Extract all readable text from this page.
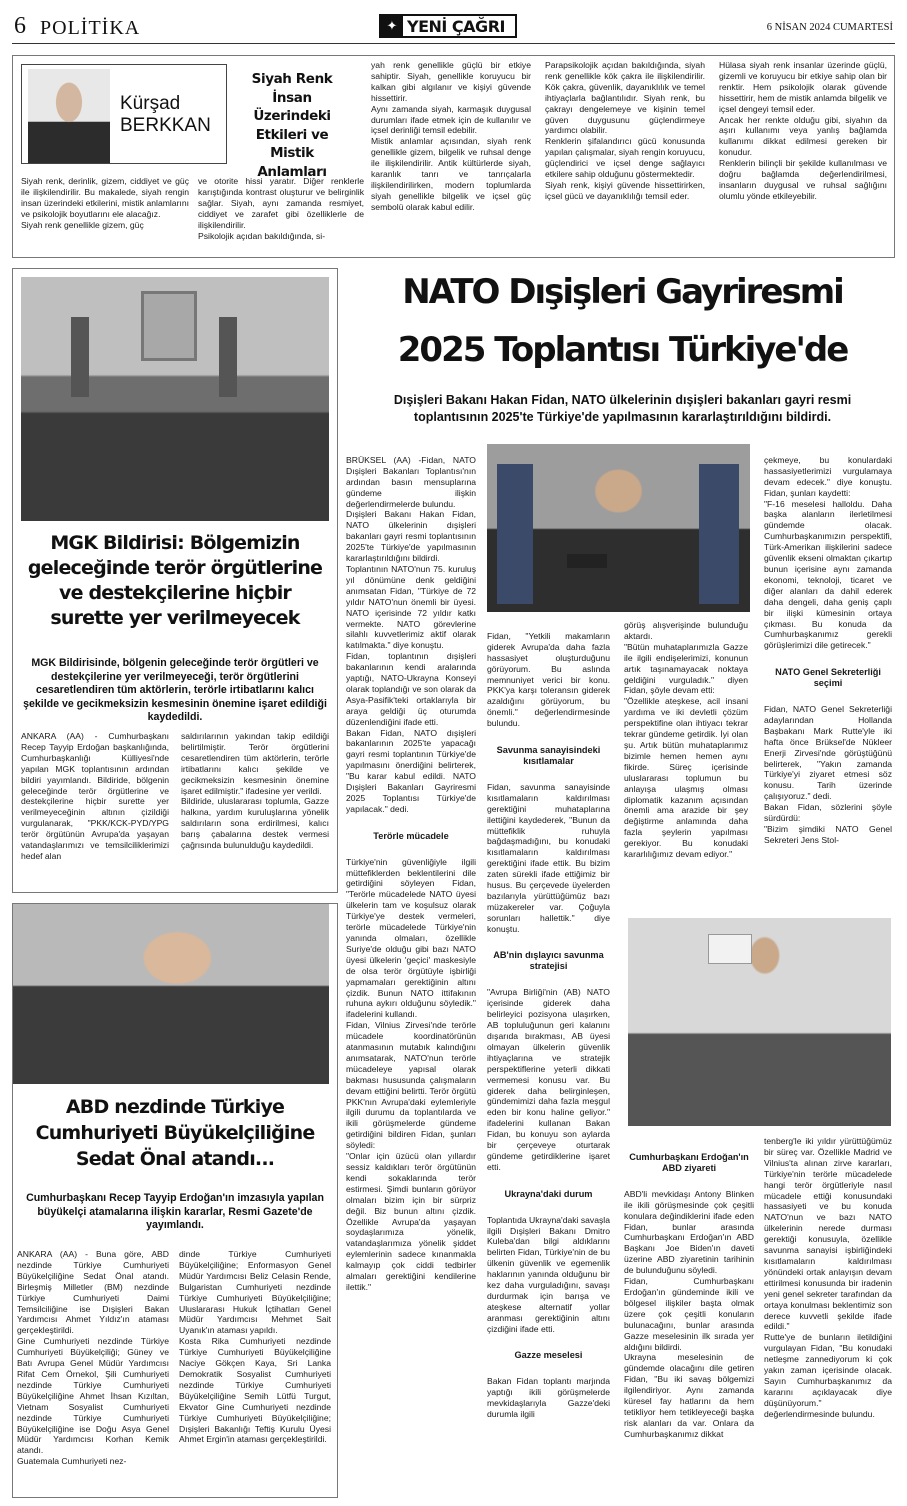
6 POLİTİKA	✦ YENİ ÇAĞRI	6 NİSAN 2024 CUMARTESİ
Kürşad
BERKKAN
Siyah Renk İnsan Üzerindeki Etkileri ve Mistik Anlamları
Siyah renk, derinlik, gizem, ciddiyet ve güç ile ilişkilendirilir. Bu makalede, siyah rengin insan üzerindeki etkilerini, mistik anlamlarını ve psikolojik boyutlarını ele alacağız.
Siyah renk genellikle gizem, güç
ve otorite hissi yaratır. Diğer renklerle karıştığında kontrast oluşturur ve belirginlik sağlar. Siyah, aynı zamanda resmiyet, ciddiyet ve zarafet gibi özelliklerle de ilişkilendirilir.
Psikolojik açıdan bakıldığında, si-
yah renk genellikle güçlü bir etkiye sahiptir. Siyah, genellikle koruyucu bir kalkan gibi algılanır ve kişiyi güvende hissettirir.
Aynı zamanda siyah, karmaşık duygusal durumları ifade etmek için de kullanılır ve içsel derinliği temsil edebilir.
Mistik anlamlar açısından, siyah renk genellikle gizem, bilgelik ve ruhsal denge ile ilişkilendirilir. Antik kültürlerde siyah, karanlık tanrı ve tanrıçalarla ilişkilendirilirken, modern toplumlarda siyah genellikle bilgelik ve içsel güç sembolü olarak kabul edilir.
Parapsikolojik açıdan bakıldığında, siyah renk genellikle kök çakra ile ilişkilendirilir. Kök çakra, güvenlik, dayanıklılık ve temel ihtiyaçlarla bağlantılıdır. Siyah renk, bu çakrayı dengelemeye ve kişinin temel güven duygusunu güçlendirmeye yardımcı olabilir.
Renklerin şifalandırıcı gücü konusunda yapılan çalışmalar, siyah rengin koruyucu, güçlendirici ve içsel denge sağlayıcı etkilere sahip olduğunu göstermektedir.
Siyah renk, kişiyi güvende hissettirirken, içsel gücü ve dayanıklılığı temsil eder.
Hülasa siyah renk insanlar üzerinde güçlü, gizemli ve koruyucu bir etkiye sahip olan bir renktir. Hem psikolojik olarak güvende hissettirir, hem de mistik anlamda bilgelik ve içsel dengeyi temsil eder.
Ancak her renkte olduğu gibi, siyahın da aşırı kullanımı veya yanlış bağlamda kullanımı dikkat edilmesi gereken bir konudur.
Renklerin bilinçli bir şekilde kullanılması ve doğru bağlamda değerlendirilmesi, insanların duygusal ve ruhsal sağlığını olumlu yönde etkileyebilir.
MGK Bildirisi: Bölgemizin geleceğinde terör örgütlerine ve destekçilerine hiçbir surette yer verilmeyecek
MGK Bildirisinde, bölgenin geleceğinde terör örgütleri ve destekçilerine yer verilmeyeceği, terör örgütlerini cesaretlendiren tüm aktörlerin, terörle irtibatlarını kalıcı şekilde ve gecikmeksizin kesmesinin önemine işaret edildiği kaydedildi.
ANKARA (AA) - Cumhurbaşkanı Recep Tayyip Erdoğan başkanlığında, Cumhurbaşkanlığı Külliyesi'nde yapılan MGK toplantısının ardından bildiri yayımlandı. Bildiride, bölgenin geleceğinde terör örgütlerine ve destekçilerine hiçbir surette yer verilmeyeceğinin altının çizildiği vurgulanarak, "PKK/KCK-PYD/YPG terör örgütünün Avrupa'da yaşayan vatandaşlarımızı ve temsilciliklerimizi hedef alan
saldırılarının yakından takip edildiği belirtilmiştir. Terör örgütlerini cesaretlendiren tüm aktörlerin, terörle irtibatlarını kalıcı şekilde ve gecikmeksizin kesmesinin önemine işaret edilmiştir." ifadesine yer verildi.
Bildiride, uluslararası toplumla, Gazze halkına, yardım kuruluşlarına yönelik saldırıların sona erdirilmesi, kalıcı barış çabalarına destek vermesi çağrısında bulunulduğu kaydedildi.
ABD nezdinde Türkiye Cumhuriyeti Büyükelçiliğine Sedat Önal atandı...
Cumhurbaşkanı Recep Tayyip Erdoğan'ın imzasıyla yapılan büyükelçi atamalarına ilişkin kararlar, Resmi Gazete'de yayımlandı.
ANKARA (AA) - Buna göre, ABD nezdinde Türkiye Cumhuriyeti Büyükelçiliğine Sedat Önal atandı. Birleşmiş Milletler (BM) nezdinde Türkiye Cumhuriyeti Daimi Temsilciliğine ise Dışişleri Bakan Yardımcısı Ahmet Yıldız'ın ataması gerçekleştirildi.
Gine Cumhuriyeti nezdinde Türkiye Cumhuriyeti Büyükelçiliği; Güney ve Batı Avrupa Genel Müdür Yardımcısı Rifat Cem Örnekol, Şili Cumhuriyeti nezdinde Türkiye Cumhuriyeti Büyükelçiliğine Ahmet İhsan Kızıltan, Vietnam Sosyalist Cumhuriyeti nezdinde Türkiye Cumhuriyeti Büyükelçiliğine ise Doğu Asya Genel Müdür Yardımcısı Korhan Kemik atandı.
Guatemala Cumhuriyeti nez-
dinde Türkiye Cumhuriyeti Büyükelçiliğine; Enformasyon Genel Müdür Yardımcısı Beliz Celasin Rende, Bulgaristan Cumhuriyeti nezdinde Türkiye Cumhuriyeti Büyükelçiliğine; Uluslararası Hukuk İçtihatları Genel Müdür Yardımcısı Mehmet Sait Uyanık'ın ataması yapıldı.
Kosta Rika Cumhuriyeti nezdinde Türkiye Cumhuriyeti Büyükelçiliğine Naciye Gökçen Kaya, Sri Lanka Demokratik Sosyalist Cumhuriyeti nezdinde Türkiye Cumhuriyeti Büyükelçiliğine Semih Lütfü Turgut, Ekvator Gine Cumhuriyeti nezdinde Türkiye Cumhuriyeti Büyükelçiliğine; Dışişleri Bakanlığı Teftiş Kurulu Üyesi Ahmet Ergin'in ataması gerçekleştirildi.
NATO Dışişleri Gayriresmi
2025 Toplantısı Türkiye'de
Dışişleri Bakanı Hakan Fidan, NATO ülkelerinin dışişleri bakanları gayri resmi toplantısının 2025'te Türkiye'de yapılmasının kararlaştırıldığını bildirdi.

BRÜKSEL (AA) -Fidan, NATO Dışişleri Bakanları Toplantısı'nın ardından basın mensuplarına gündeme ilişkin değerlendirmelerde bulundu.
Dışişleri Bakanı Hakan Fidan, NATO ülkelerinin dışişleri bakanları gayri resmi toplantısının 2025'te Türkiye'de yapılmasının kararlaştırıldığını bildirdi.
Toplantının NATO'nun 75. kuruluş yıl dönümüne denk geldiğini anımsatan Fidan, "Türkiye de 72 yıldır NATO'nun önemli bir üyesi. NATO içerisinde 72 yıldır katkı vermekte. NATO görevlerine silahlı kuvvetlerimiz aktif olarak katılmakta." diye konuştu.
Fidan, toplantının dışişleri bakanlarının kendi aralarında yaptığı, NATO-Ukrayna Konseyi olarak toplandığı ve son olarak da Asya-Pasifik'teki ortaklarıyla bir araya geldiği üç oturumda düzenlendiğini ifade etti.
Bakan Fidan, NATO dışişleri bakanlarının 2025'te yapacağı gayri resmi toplantının Türkiye'de yapılmasını önerdiğini belirterek, "Bu karar kabul edildi. NATO Dışişleri Bakanları Gayriresmi 2025 Toplantısı Türkiye'de yapılacak." dedi.

Terörle mücadele

Türkiye'nin güvenliğiyle ilgili müttefiklerden beklentilerini dile getirdiğini söyleyen Fidan, "Terörle mücadelede NATO üyesi ülkelerin tam ve koşulsuz olarak Türkiye'ye destek vermeleri, terörle mücadelede Türkiye'nin yanında olmaları, özellikle Suriye'de olduğu gibi bazı NATO üyesi ülkelerin 'geçici' maskesiyle de olsa terör örgütüyle işbirliği yapmamaları gerektiğinin altını çizdik. Bunun NATO ittifakının ruhuna aykırı olduğunu söyledik." ifadelerini kullandı.
Fidan, Vilnius Zirvesi'nde terörle mücadele koordinatörünün atanmasının mutabık kalındığını anımsatarak, NATO'nun terörle mücadeleye yapısal olarak bakması hususunda çalışmaların devam ettiğini belirtti. Terör örgütü PKK'nın Avrupa'daki eylemleriyle ilgili durumu da toplantılarda ve ikili görüşmelerde gündeme getirdiğini bildiren Fidan, şunları söyledi:
"Onlar için üzücü olan yıllardır sessiz kaldıkları terör örgütünün kendi sokaklarında terör estirmesi. Şimdi bunların görüyor olmaları bizim için bir sürpriz değil. Biz bunun altını çizdik. Özellikle Avrupa'da yaşayan soydaşlarımıza yönelik, vatandaşlarımıza yönelik şiddet eylemlerinin sadece kınanmakla kalmayıp çok ciddi tedbirler almaları gerektiğini kendilerine ilettik."

Fidan, "Yetkili makamların giderek Avrupa'da daha fazla hassasiyet oluşturduğunu görüyorum. Bu aslında memnuniyet verici bir konu. PKK'ya karşı toleransın giderek azaldığını görüyorum, bu önemli." değerlendirmesinde bulundu.

Savunma sanayisindeki kısıtlamalar

Fidan, savunma sanayisinde kısıtlamaların kaldırılması gerektiğini muhataplarına ilettiğini kaydederek, "Bunun da müttefiklik ruhuyla bağdaşmadığını, bu konudaki kısıtlamaların kaldırılması gerektiğini ifade ettik. Bu bizim zaten sürekli ifade ettiğimiz bir husus. Bu çerçevede üyelerden bazılarıyla yürüttüğümüz bazı müzakereler var. Çoğuyla sorunları hallettik." diye konuştu.

AB'nin dışlayıcı savunma stratejisi

"Avrupa Birliği'nin (AB) NATO içerisinde giderek daha belirleyici pozisyona ulaşırken, AB topluluğunun geri kalanını dışarıda bırakması, AB üyesi olmayan ülkelerin güvenlik ihtiyaçlarına ve stratejik perspektiflerine yeterli dikkati vermemesi konusu var. Bu giderek daha belirginleşen, gündemimizi daha fazla meşgul eden bir konu haline geliyor." ifadelerini kullanan Bakan Fidan, bu konuyu son aylarda bir çerçeveye oturtarak gündeme getirdiklerine işaret etti.

Ukrayna'daki durum

Toplantıda Ukrayna'daki savaşla ilgili Dışişleri Bakanı Dmitro Kuleba'dan bilgi aldıklarını belirten Fidan, Türkiye'nin de bu ülkenin güvenlik ve egemenlik haklarının yanında olduğunu bir kez daha vurguladığını, savaşı durdurmak için barışa ve ateşkese alternatif yollar aranması gerektiğinin altını çizdiğini ifade etti.

Gazze meselesi

Bakan Fidan toplantı marjında yaptığı ikili görüşmelerde mevkidaşlarıyla Gazze'deki durumla ilgili

görüş alışverişinde bulunduğu aktardı.
"Bütün muhataplarımızla Gazze ile ilgili endişelerimizi, konunun artık taşınamayacak noktaya geldiğini vurguladık." diyen Fidan, şöyle devam etti:
"Özellikle ateşkese, acil insani yardıma ve iki devletli çözüm perspektifine olan ihtiyacı tekrar tekrar gündeme getirdik. İyi olan şu. Artık bütün muhataplarımız bizimle hemen hemen aynı fikirde. Süreç içerisinde uluslararası toplumun bu anlayışa ulaşmış olması diplomatik kazanım açısından önemli ama arazide bir şey değiştirme anlamında daha fazla şeylerin yapılması gerekiyor. Bu konudaki kararlılığımız devam ediyor."

çekmeye, bu konulardaki hassasiyetlerimizi vurgulamaya devam edecek." diye konuştu. Fidan, şunları kaydetti:
"F-16 meselesi halloldu. Daha başka alanların ilerletilmesi gündemde olacak. Cumhurbaşkanımızın perspektifi, Türk-Amerikan ilişkilerini sadece güvenlik ekseni olmaktan çıkartıp bunun içerisine aynı zamanda ekonomi, teknoloji, ticaret ve diğer alanları da dahil ederek daha dengeli, daha geniş çaplı bir ilişki kümesinin ortaya çıkması. Bu konuda da Cumhurbaşkanımız gerekli görüşlerimizi dile getirecek."

NATO Genel Sekreterliği seçimi

Fidan, NATO Genel Sekreterliği adaylarından Hollanda Başbakanı Mark Rutte'yle iki hafta önce Brüksel'de Nükleer Enerji Zirvesi'nde görüştüğünü belirterek, "Yakın zamanda Türkiye'yi ziyaret etmesi söz konusu. Tarih üzerinde çalışıyoruz." dedi.
Bakan Fidan, sözlerini şöyle sürdürdü:
"Bizim şimdiki NATO Genel Sekreteri Jens Stol-

Cumhurbaşkanı Erdoğan'ın ABD ziyareti

ABD'li mevkidaşı Antony Blinken ile ikili görüşmesinde çok çeşitli konulara değindiklerini ifade eden Fidan, bunlar arasında Cumhurbaşkanı Erdoğan'ın ABD Başkanı Joe Biden'ın daveti üzerine ABD ziyaretinin tarihinin de bulunduğunu söyledi.
Fidan, Cumhurbaşkanı Erdoğan'ın gündeminde ikili ve bölgesel ilişkiler başta olmak üzere çok çeşitli konuların bulunacağını, bunlar arasında Gazze meselesinin ilk sırada yer aldığını bildirdi.
Ukrayna meselesinin de gündemde olacağını dile getiren Fidan, "Bu iki savaş bölgemizi ilgilendiriyor. Aynı zamanda küresel fay hatlarını da hem tetikliyor hem tetikleyeceği başka risk alanları da var. Onlara da Cumhurbaşkanımız dikkat

tenberg'le iki yıldır yürüttüğümüz bir süreç var. Özellikle Madrid ve Vilnius'ta alınan zirve kararları, Türkiye'nin terörle mücadelede hangi terör örgütleriyle nasıl mücadele ettiği konusundaki hassasiyeti ve bu konuda NATO'nun ve bazı NATO ülkelerinin nerede durması gerektiği konusuyla, özellikle savunma sanayisi işbirliğindeki kısıtlamaların kaldırılması yönündeki ortak anlayışın devam ettirilmesi konusunda bir iradenin yeni genel sekreter tarafından da ortaya konulması beklentimiz son derece kuvvetli şekilde ifade edildi."
Rutte'ye de bunların iletildiğini vurgulayan Fidan, "Bu konudaki netleşme zannediyorum ki çok yakın zaman içerisinde olacak. Sayın Cumhurbaşkanımız da kararını açıklayacak diye düşünüyorum." değerlendirmesinde bulundu.
